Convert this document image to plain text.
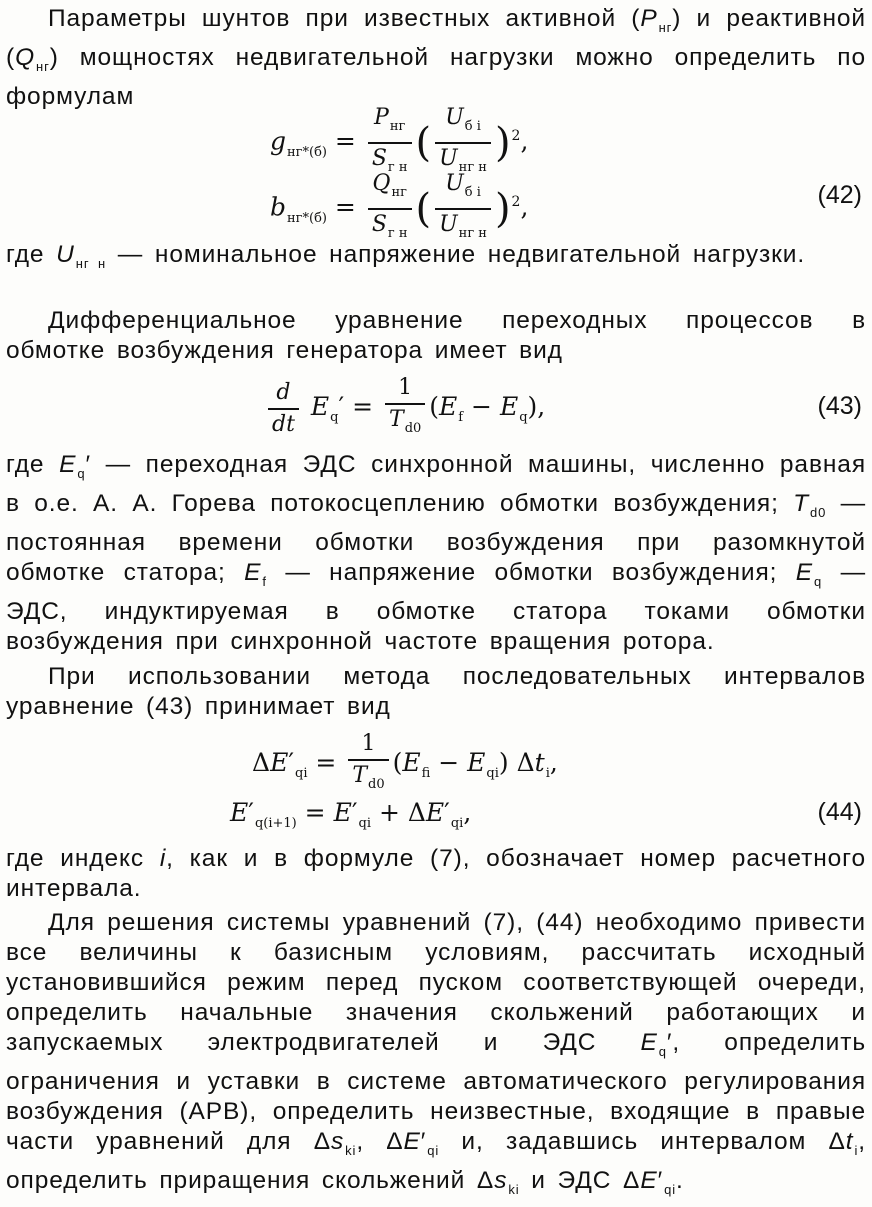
Параметры шунтов при известных активной $(P_{нг})$ и реактивной $(Q_{нг})$ мощностях недвигательной нагрузки можно определить по формулам
$g_{нг*(б)} = \frac{P_{нг}}{S_{г н}}$ ( $\frac{U_{б i}}{U_{нг н}} )^2$,
$b_{нг*(б)} = \frac{Q_{нг}}{S_{г н}}$ ( $\frac{U_{б i}}{U_{нг н}} )^2$,	(42)
где $U_{нг н}$ — номинальное напряжение недвигательной нагрузки.
Дифференциальное уравнение переходных процессов в обмотке возбуждения генератора имеет вид
$\frac{d}{dt} E_q' = \frac{1}{T_{d0}} (E_f - E_q)$,	(43)
где $E_q'$ — переходная ЭДС синхронной машины, численно равная в о.е. А. А. Горева потокосцеплению обмотки возбуждения; $T_{d0}$ — постоянная времени обмотки возбуждения при разомкнутой обмотке статора; $E_f$ — напряжение обмотки возбуждения; $E_q$ — ЭДС, индуктируемая в обмотке статора токами обмотки возбуждения при синхронной частоте вращения ротора.
При использовании метода последовательных интервалов уравнение (43) принимает вид
$\Delta E'_{qi} = \frac{1}{T_{d0}} (E_{fi} - E_{qi})$ $\Delta t_i$,
$E'_{q(i+1)} = E'_{qi} + \Delta E'_{qi}$,	(44)
где индекс i, как и в формуле (7), обозначает номер расчетного интервала.
Для решения системы уравнений (7), (44) необходимо привести все величины к базисным условиям, рассчитать исходный установившийся режим перед пуском соответствующей очереди, определить начальные значения скольжений работающих и запускаемых электродвигателей и ЭДС $E_q'$, определить ограничения и уставки в системе автоматического регулирования возбуждения (АРВ), определить неизвестные, входящие в правые части уравнений для $\Delta s_{ki}$, $\Delta E'_{qi}$ и, задавшись интервалом $\Delta t_i$, определить приращения скольжений $\Delta s_{ki}$ и ЭДС $\Delta E'_{qi}$.
